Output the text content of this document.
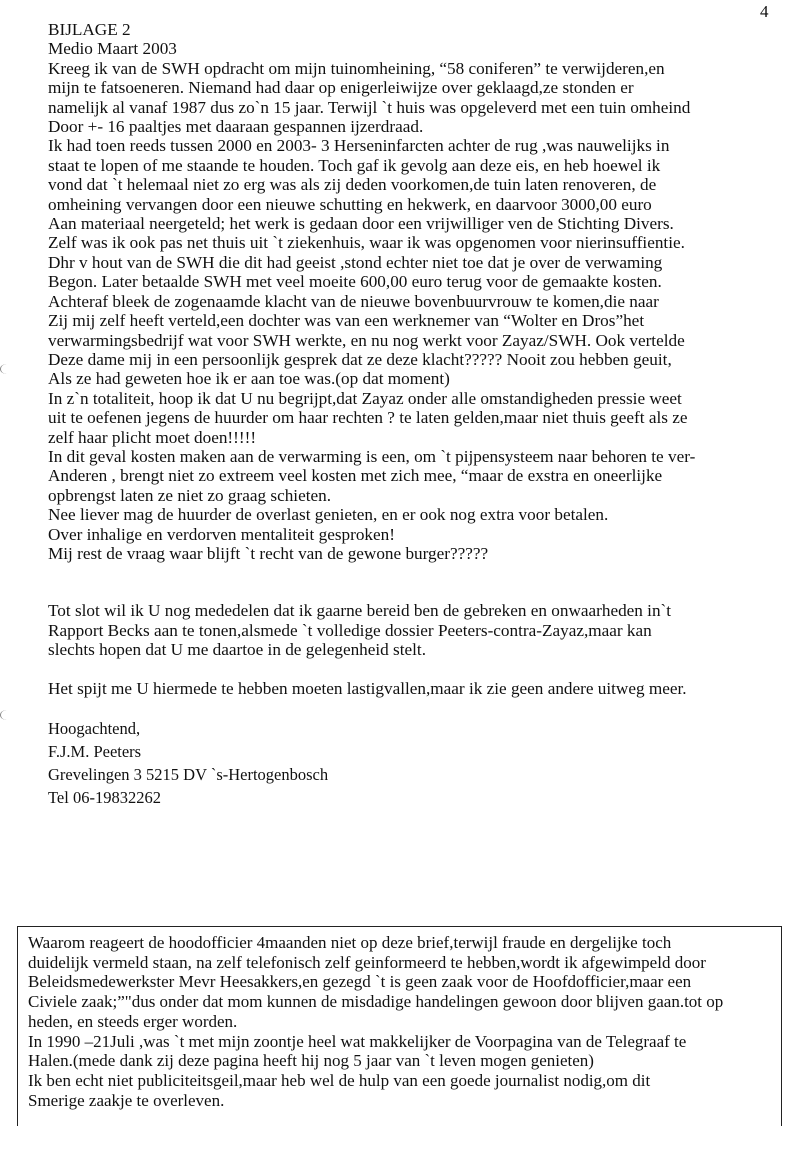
4
BIJLAGE 2
Medio Maart 2003
Kreeg ik van de SWH opdracht om mijn tuinomheining, “58 coniferen” te verwijderen,en
mijn te fatsoeneren. Niemand had daar op enigerleiwijze over geklaagd,ze stonden er
namelijk al vanaf 1987 dus zo`n 15 jaar. Terwijl `t huis was opgeleverd met een tuin omheind
Door +- 16 paaltjes met daaraan gespannen ijzerdraad.
Ik had toen reeds tussen 2000 en 2003- 3 Herseninfarcten achter de rug ,was nauwelijks in
staat te lopen of me staande te houden. Toch gaf ik gevolg aan deze eis, en heb hoewel ik
vond dat `t helemaal niet zo erg was als zij deden voorkomen,de tuin laten renoveren, de
omheining vervangen door een nieuwe schutting en hekwerk, en daarvoor 3000,00 euro
Aan materiaal neergeteld; het werk is gedaan door een vrijwilliger ven de Stichting Divers.
Zelf was ik ook pas net thuis uit `t ziekenhuis, waar ik was opgenomen voor nierinsuffientie.
Dhr v hout van de SWH die dit had geeist ,stond echter niet toe dat je over de verwaming
Begon. Later betaalde SWH met veel moeite 600,00 euro terug voor de gemaakte kosten.
Achteraf bleek de zogenaamde klacht van de nieuwe bovenbuurvrouw te komen,die naar
Zij mij zelf heeft verteld,een dochter was van een werknemer van “Wolter en Dros”het
verwarmingsbedrijf wat voor SWH werkte, en nu nog werkt voor Zayaz/SWH. Ook vertelde
Deze dame mij in een persoonlijk gesprek dat ze deze klacht????? Nooit zou hebben geuit,
Als ze had geweten hoe ik er aan toe was.(op dat moment)
In z`n totaliteit, hoop ik dat U nu begrijpt,dat Zayaz onder alle omstandigheden pressie weet
uit te oefenen jegens de huurder om haar rechten ? te laten gelden,maar niet thuis geeft als ze
zelf haar plicht moet doen!!!!!
In dit geval kosten maken aan de verwarming is een, om `t pijpensysteem naar behoren te ver-
Anderen , brengt niet zo extreem veel kosten met zich mee, “maar de exstra en oneerlijke
opbrengst laten ze niet zo graag schieten.
Nee liever mag de huurder de overlast genieten, en er ook nog extra voor betalen.
Over inhalige en verdorven mentaliteit gesproken!
Mij rest de vraag waar blijft `t recht van de gewone burger?????
Tot slot wil ik U nog mededelen dat ik gaarne bereid ben de gebreken en onwaarheden in`t
Rapport Becks aan te tonen,alsmede `t volledige dossier Peeters-contra-Zayaz,maar kan
slechts hopen dat U me daartoe in de gelegenheid stelt.
Het spijt me U hiermede te hebben moeten lastigvallen,maar ik zie geen andere uitweg meer.
Hoogachtend,
F.J.M. Peeters
Grevelingen 3 5215 DV `s-Hertogenbosch
Tel 06-19832262
Waarom reageert de hoodofficier 4maanden niet op deze brief,terwijl fraude en dergelijke toch
duidelijk vermeld staan, na zelf telefonisch zelf geinformeerd te hebben,wordt ik afgewimpeld door
Beleidsmedewerkster Mevr Heesakkers,en gezegd `t is geen zaak voor de Hoofdofficier,maar een
Civiele zaak;”"dus onder dat mom kunnen de misdadige handelingen gewoon door blijven gaan.tot op
heden, en steeds erger worden.
In 1990 –21Juli ,was `t met mijn zoontje heel wat makkelijker de Voorpagina van de Telegraaf te
Halen.(mede dank zij deze pagina heeft hij nog 5 jaar van `t leven mogen genieten)
Ik ben echt niet publiciteitsgeil,maar heb wel de hulp van een goede journalist nodig,om dit
Smerige zaakje te overleven.
